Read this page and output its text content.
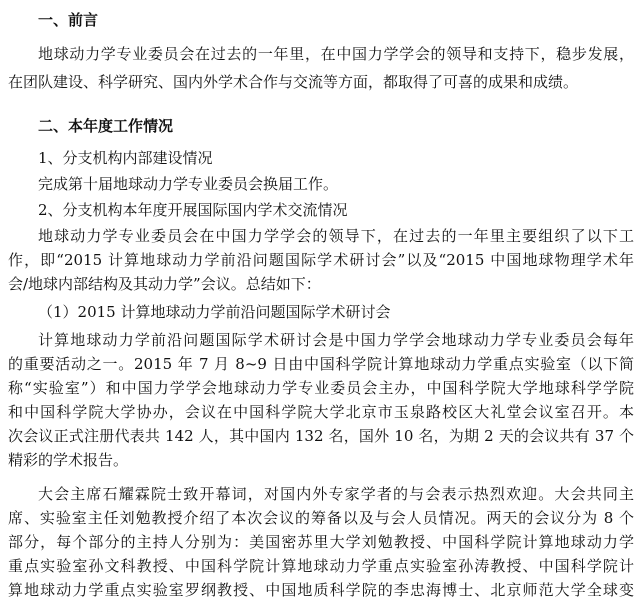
一、前言
地球动力学专业委员会在过去的一年里，在中国力学学会的领导和支持下，稳步发展，
在团队建设、科学研究、国内外学术合作与交流等方面，都取得了可喜的成果和成绩。
二、本年度工作情况
1、分支机构内部建设情况
完成第十届地球动力学专业委员会换届工作。
2、分支机构本年度开展国际国内学术交流情况
地球动力学专业委员会在中国力学学会的领导下，在过去的一年里主要组织了以下工
作，即“2015 计算地球动力学前沿问题国际学术研讨会”以及“2015 中国地球物理学术年
会/地球内部结构及其动力学”会议。总结如下：
（1）2015 计算地球动力学前沿问题国际学术研讨会
计算地球动力学前沿问题国际学术研讨会是中国力学学会地球动力学专业委员会每年
的重要活动之一。2015 年 7 月 8~9 日由中国科学院计算地球动力学重点实验室（以下简
称“实验室”）和中国力学学会地球动力学专业委员会主办，中国科学院大学地球科学学院
和中国科学院大学协办，会议在中国科学院大学北京市玉泉路校区大礼堂会议室召开。本
次会议正式注册代表共 142 人，其中国内 132 名，国外 10 名，为期 2 天的会议共有 37 个
精彩的学术报告。
大会主席石耀霖院士致开幕词，对国内外专家学者的与会表示热烈欢迎。大会共同主
席、实验室主任刘勉教授介绍了本次会议的筹备以及与会人员情况。两天的会议分为 8 个
部分，每个部分的主持人分别为：美国密苏里大学刘勉教授、中国科学院计算地球动力学
重点实验室孙文科教授、中国科学院计算地球动力学重点实验室孙涛教授、中国科学院计
算地球动力学重点实验室罗纲教授、中国地质科学院的李忠海博士、北京师范大学全球变
